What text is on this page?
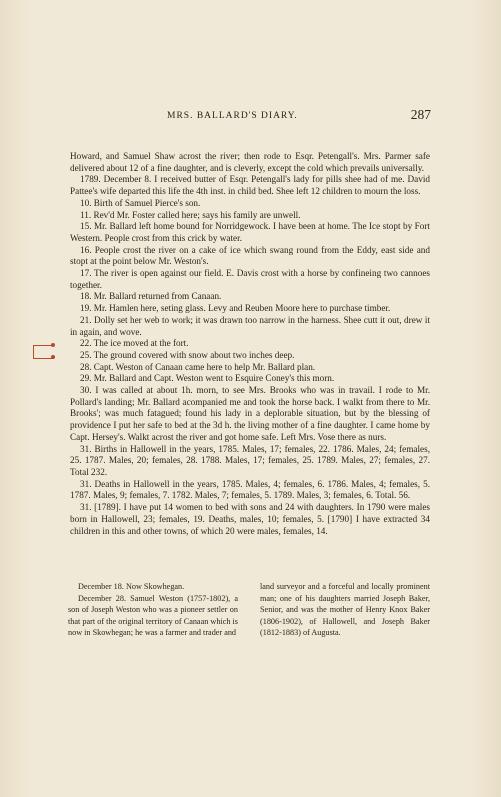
MRS. BALLARD'S DIARY.	287

Howard, and Samuel Shaw acrost the river; then rode to Esqr. Petengall's. Mrs. Parmer safe delivered about 12 of a fine daughter, and is cleverly, except the cold which prevails universally.

1789. December 8. I received butter of Esqr. Petengall's lady for pills shee had of me. David Pattee's wife departed this life the 4th inst. in child bed. Shee left 12 children to mourn the loss.

10. Birth of Samuel Pierce's son.

11. Rev'd Mr. Foster called here; says his family are unwell.

15. Mr. Ballard left home bound for Norridgewock. I have been at home. The Ice stopt by Fort Western. People crost from this crick by water.

16. People crost the river on a cake of ice which swang round from the Eddy, east side and stopt at the point below Mr. Weston's.

17. The river is open against our field. E. Davis crost with a horse by confineing two cannoes together.

18. Mr. Ballard returned from Canaan.

19. Mr. Hamlen here, seting glass. Levy and Reuben Moore here to purchase timber.

21. Dolly set her web to work; it was drawn too narrow in the harness. Shee cutt it out, drew it in again, and wove.

22. The ice moved at the fort.

25. The ground covered with snow about two inches deep.

28. Capt. Weston of Canaan came here to help Mr. Ballard plan.

29. Mr. Ballard and Capt. Weston went to Esquire Coney's this morn.

30. I was called at about 1h. morn, to see Mrs. Brooks who was in travail. I rode to Mr. Pollard's landing; Mr. Ballard acompanied me and took the horse back. I walkt from there to Mr. Brooks'; was much fatagued; found his lady in a deplorable situation, but by the blessing of providence I put her safe to bed at the 3d h. the living mother of a fine daughter. I came home by Capt. Hersey's. Walkt acrost the river and got home safe. Left Mrs. Vose there as nurs.

31. Births in Hallowell in the years, 1785. Males, 17; females, 22. 1786. Males, 24; females, 25. 1787. Males, 20; females, 28. 1788. Males, 17; females, 25. 1789. Males, 27; females, 27. Total 232.

31. Deaths in Hallowell in the years, 1785. Males, 4; females, 6. 1786. Males, 4; females, 5. 1787. Males, 9; females, 7. 1782. Males, 7; females, 5. 1789. Males, 3; females, 6. Total. 56.

31. [1789]. I have put 14 women to bed with sons and 24 with daughters. In 1790 were males born in Hallowell, 23; females, 19. Deaths, males, 10; females, 5. [1790] I have extracted 34 children in this and other towns, of which 20 were males, females, 14.

December 18. Now Skowhegan.

December 28. Samuel Weston (1757-1802), a son of Joseph Weston who was a pioneer settler on that part of the original territory of Canaan which is now in Skowhegan; he was a farmer and trader and

land surveyor and a forceful and locally prominent man; one of his daughters married Joseph Baker, Senior, and was the mother of Henry Knox Baker (1806-1902), of Hallowell, and Joseph Baker (1812-1883) of Augusta.
